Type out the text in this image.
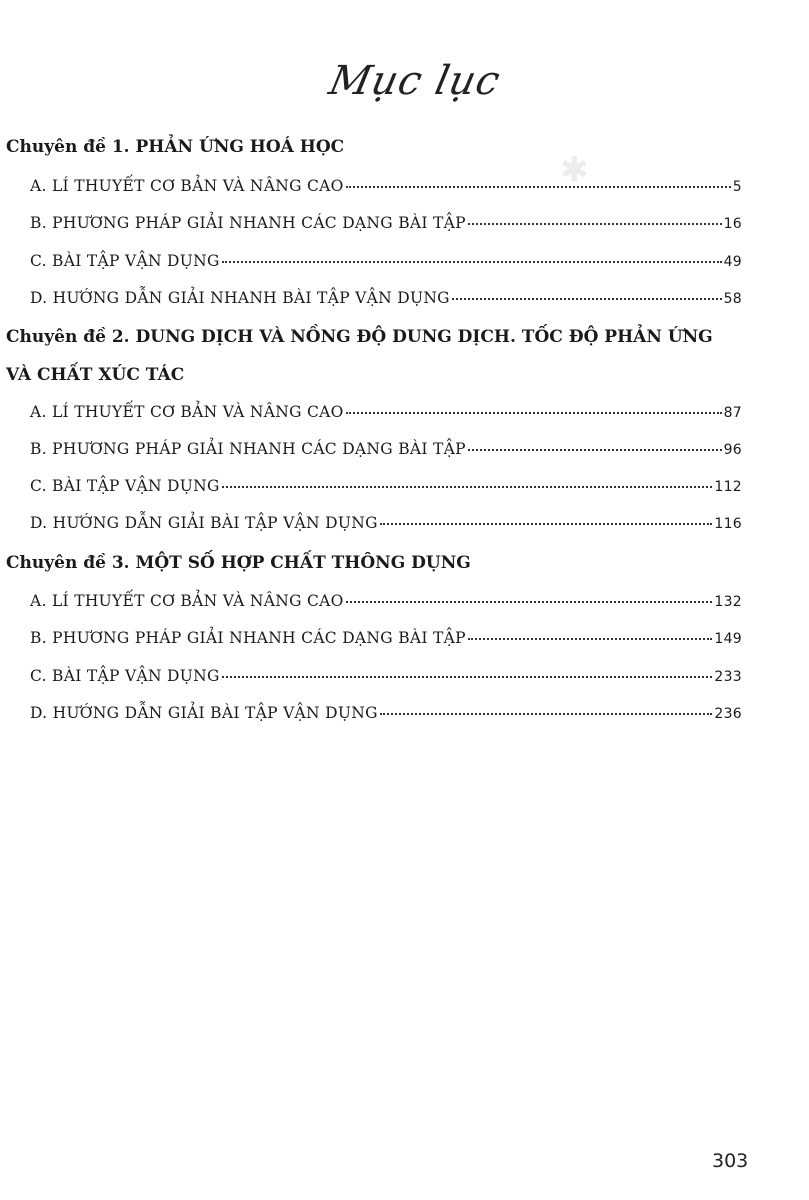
✱
Mục lục
Chuyên đề 1. PHẢN ỨNG HOÁ HỌC
A. LÍ THUYẾT CƠ BẢN VÀ NÂNG CAO	5
B. PHƯƠNG PHÁP GIẢI NHANH CÁC DẠNG BÀI TẬP	16
C. BÀI TẬP VẬN DỤNG	49
D. HƯỚNG DẪN GIẢI NHANH BÀI TẬP VẬN DỤNG	58
Chuyên đề 2. DUNG DỊCH VÀ NỒNG ĐỘ DUNG DỊCH. TỐC ĐỘ PHẢN ỨNG
VÀ CHẤT XÚC TÁC
A. LÍ THUYẾT CƠ BẢN VÀ NÂNG CAO	87
B. PHƯƠNG PHÁP GIẢI NHANH CÁC DẠNG BÀI TẬP	96
C. BÀI TẬP VẬN DỤNG	112
D. HƯỚNG DẪN GIẢI BÀI TẬP VẬN DỤNG	116
Chuyên đề 3. MỘT SỐ HỢP CHẤT THÔNG DỤNG
A. LÍ THUYẾT CƠ BẢN VÀ NÂNG CAO	132
B. PHƯƠNG PHÁP GIẢI NHANH CÁC DẠNG BÀI TẬP	149
C. BÀI TẬP VẬN DỤNG	233
D. HƯỚNG DẪN GIẢI BÀI TẬP VẬN DỤNG	236
303
